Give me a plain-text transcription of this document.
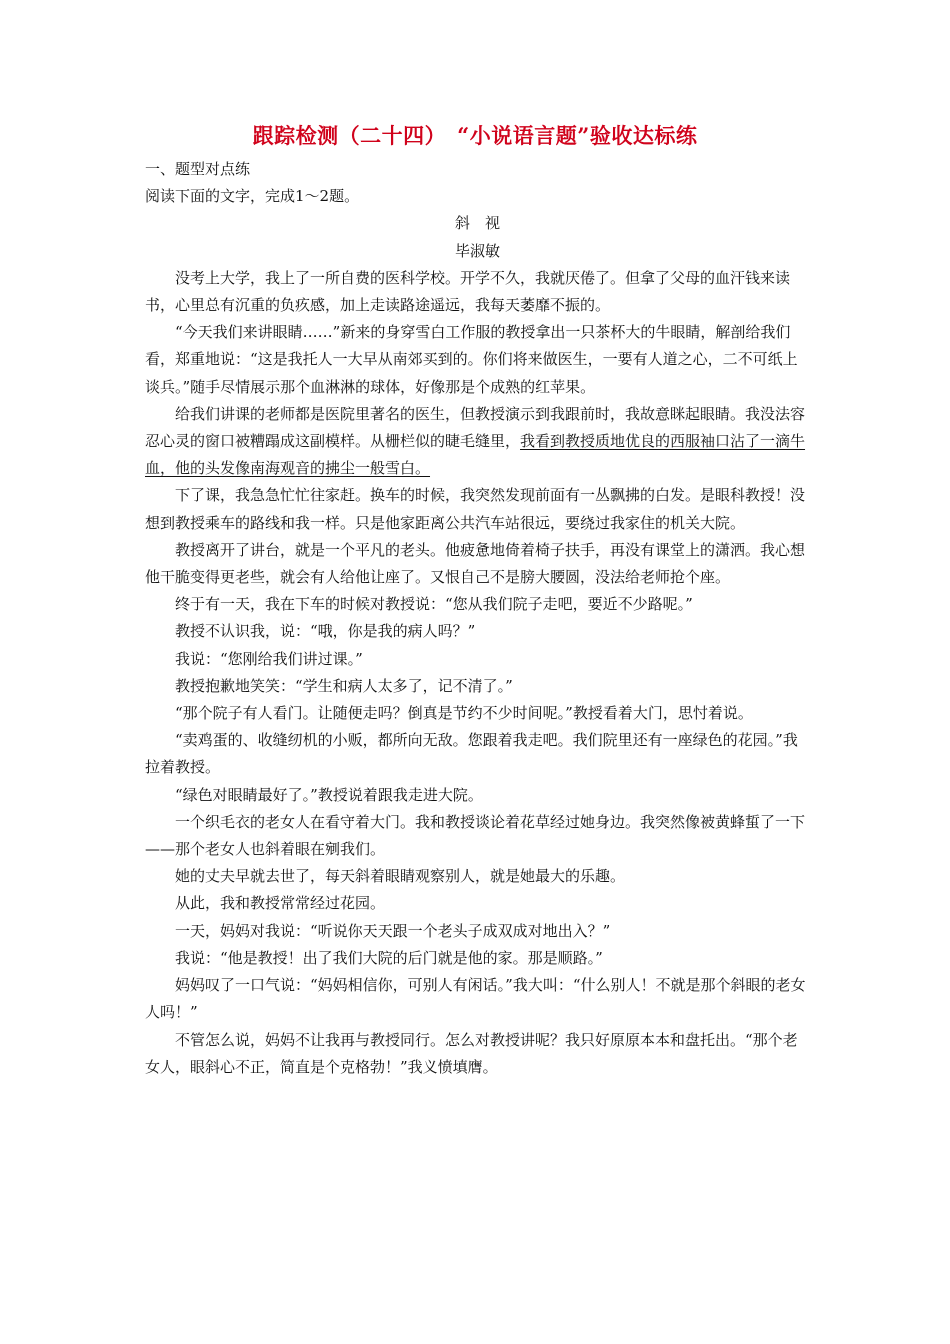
跟踪检测（二十四）　“小说语言题”验收达标练

一、题型对点练

阅读下面的文字，完成1～2题。

斜　视

毕淑敏

没考上大学，我上了一所自费的医科学校。开学不久，我就厌倦了。但拿了父母的血汗钱来读书，心里总有沉重的负疚感，加上走读路途遥远，我每天萎靡不振的。

“今天我们来讲眼睛……”新来的身穿雪白工作服的教授拿出一只茶杯大的牛眼睛，解剖给我们看，郑重地说：“这是我托人一大早从南郊买到的。你们将来做医生，一要有人道之心，二不可纸上谈兵。”随手尽情展示那个血淋淋的球体，好像那是个成熟的红苹果。

给我们讲课的老师都是医院里著名的医生，但教授演示到我跟前时，我故意眯起眼睛。我没法容忍心灵的窗口被糟蹋成这副模样。从栅栏似的睫毛缝里，我看到教授质地优良的西服袖口沾了一滴牛血，他的头发像南海观音的拂尘一般雪白。

下了课，我急急忙忙往家赶。换车的时候，我突然发现前面有一丛飘拂的白发。是眼科教授！没想到教授乘车的路线和我一样。只是他家距离公共汽车站很远，要绕过我家住的机关大院。

教授离开了讲台，就是一个平凡的老头。他疲惫地倚着椅子扶手，再没有课堂上的潇洒。我心想他干脆变得更老些，就会有人给他让座了。又恨自己不是膀大腰圆，没法给老师抢个座。

终于有一天，我在下车的时候对教授说：“您从我们院子走吧，要近不少路呢。”

教授不认识我，说：“哦，你是我的病人吗？”

我说：“您刚给我们讲过课。”

教授抱歉地笑笑：“学生和病人太多了，记不清了。”

“那个院子有人看门。让随便走吗？倒真是节约不少时间呢。”教授看着大门，思忖着说。

“卖鸡蛋的、收缝纫机的小贩，都所向无敌。您跟着我走吧。我们院里还有一座绿色的花园。”我拉着教授。

“绿色对眼睛最好了。”教授说着跟我走进大院。

一个织毛衣的老女人在看守着大门。我和教授谈论着花草经过她身边。我突然像被黄蜂蜇了一下——那个老女人也斜着眼在剜我们。

她的丈夫早就去世了，每天斜着眼睛观察别人，就是她最大的乐趣。

从此，我和教授常常经过花园。

一天，妈妈对我说：“听说你天天跟一个老头子成双成对地出入？”

我说：“他是教授！出了我们大院的后门就是他的家。那是顺路。”

妈妈叹了一口气说：“妈妈相信你，可别人有闲话。”我大叫：“什么别人！不就是那个斜眼的老女人吗！”

不管怎么说，妈妈不让我再与教授同行。怎么对教授讲呢？我只好原原本本和盘托出。“那个老女人，眼斜心不正，简直是个克格勃！”我义愤填膺。
